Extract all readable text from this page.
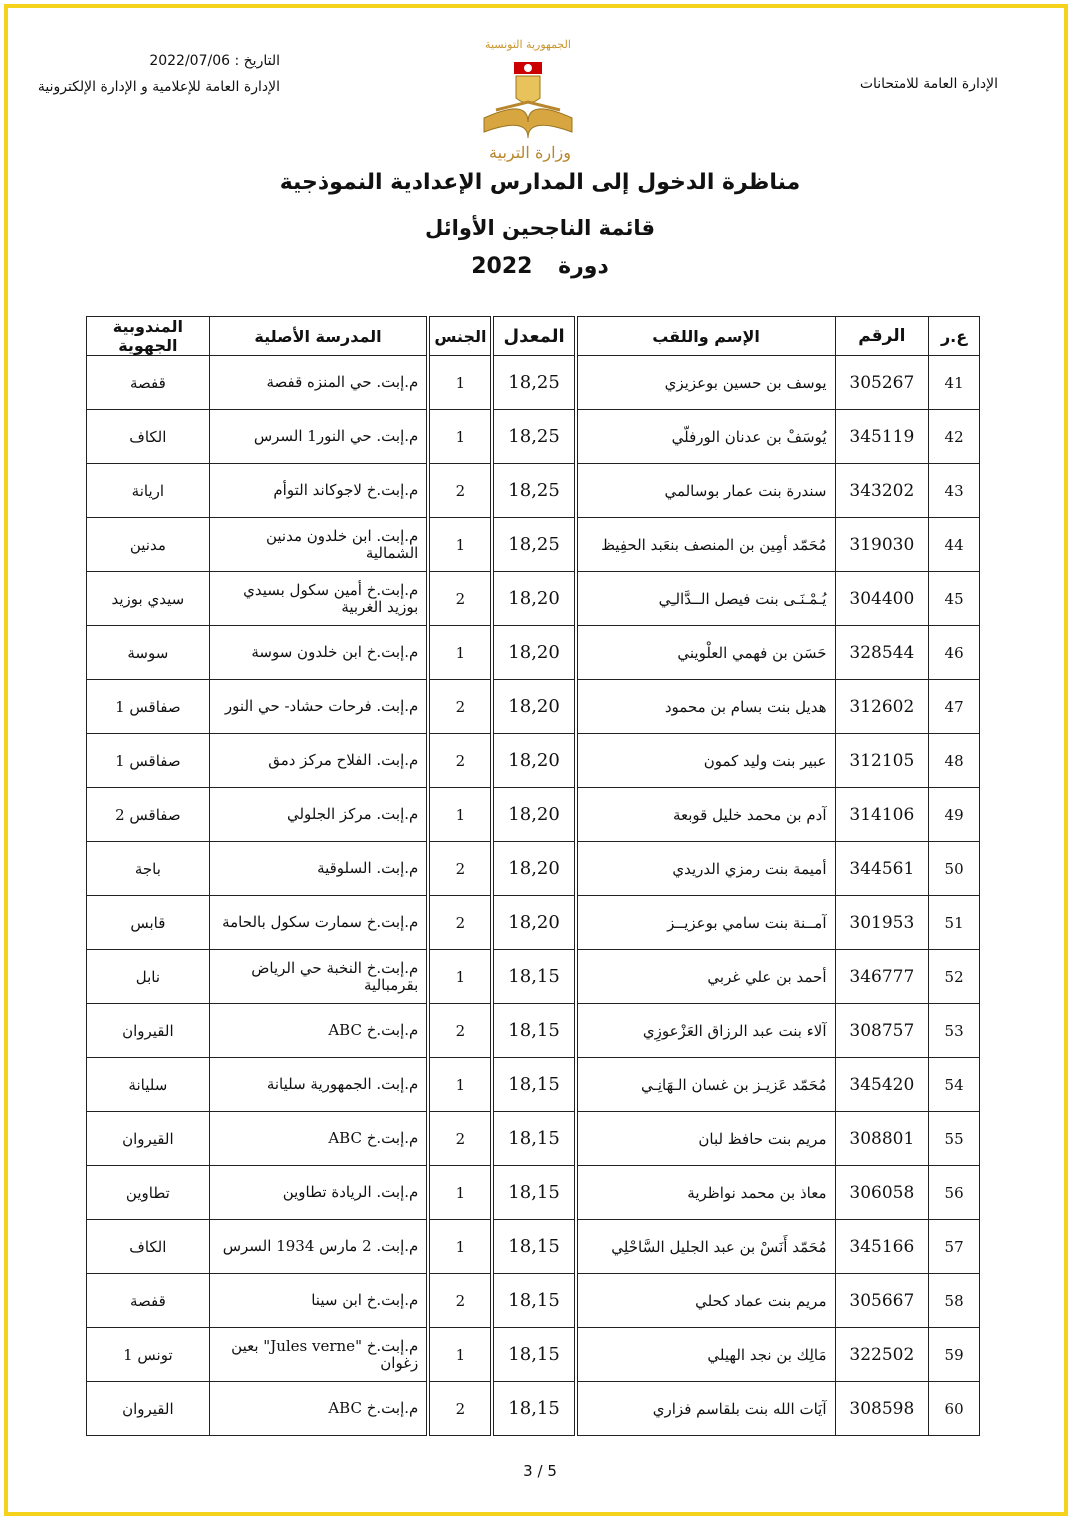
الإدارة العامة للامتحانات
التاريخ : 2022/07/06
الإدارة العامة للإعلامية و الإدارة الإلكترونية
الجمهورية التونسية
وزارة التربية
مناظرة الدخول إلى المدارس الإعدادية النموذجية
قائمة الناجحين الأوائل
دورة 2022
ع.ر	الرقم	الإسم واللقب	المعدل	الجنس	المدرسة الأصلية	المندوبية الجهوية
41	305267	يوسف بن حسين بوعزيزي	18,25	1	م.إبت. حي المنزه قفصة	قفصة
42	345119	يُوسَفْ بن عدنان الورفلّي	18,25	1	م.إبت. حي النور1 السرس	الكاف
43	343202	سندرة بنت عمار بوسالمي	18,25	2	م.إبت.خ لاجوكاند التوأم	اريانة
44	319030	مُحَمّد أمِين بن المنصف بنعَبد الحفِيظ	18,25	1	م.إبت. ابن خلدون مدنين الشمالية	مدنين
45	304400	يُـمْـنَـى بنت فيصل الــدَّالـِي	18,20	2	م.إبت.خ أمين سكول بسيدي بوزيد الغربية	سيدي بوزيد
46	328544	حَسَن بن فهمي العلْويني	18,20	1	م.إبت.خ ابن خلدون سوسة	سوسة
47	312602	هديل بنت بسام بن محمود	18,20	2	م.إبت. فرحات حشاد- حي النور	صفاقس 1
48	312105	عبير بنت وليد كمون	18,20	2	م.إبت. الفلاح مركز دمق	صفاقس 1
49	314106	آدم بن محمد خليل قوبعة	18,20	1	م.إبت. مركز الجلولي	صفاقس 2
50	344561	أميمة بنت رمزي الدريدي	18,20	2	م.إبت. السلوقية	باجة
51	301953	آمــنة بنت سامي بوعزيــز	18,20	2	م.إبت.خ سمارت سكول بالحامة	قابس
52	346777	أحمد بن علي غربي	18,15	1	م.إبت.خ النخبة حي الرياض بقرمبالية	نابل
53	308757	آلاء بنت عبد الرزاق العَزْعوزِي	18,15	2	م.إبت.خ ABC	القيروان
54	345420	مُحَمّد عَزيـز بن غسان الـهَانِـي	18,15	1	م.إبت. الجمهورية سليانة	سليانة
55	308801	مريم بنت حافظ لبان	18,15	2	م.إبت.خ ABC	القيروان
56	306058	معاذ بن محمد نواظرية	18,15	1	م.إبت. الريادة تطاوين	تطاوين
57	345166	مُحَمّد أَنَسْ بن عبد الجليل السَّاحْلِي	18,15	1	م.إبت. 2 مارس 1934 السرس	الكاف
58	305667	مريم بنت عماد كحلي	18,15	2	م.إبت.خ ابن سينا	قفصة
59	322502	مَالِك بن نجد الهيلي	18,15	1	م.إبت.خ "Jules verne" بعين زغوان	تونس 1
60	308598	آيَات الله بنت بلقاسم فزاري	18,15	2	م.إبت.خ ABC	القيروان
3 / 5
